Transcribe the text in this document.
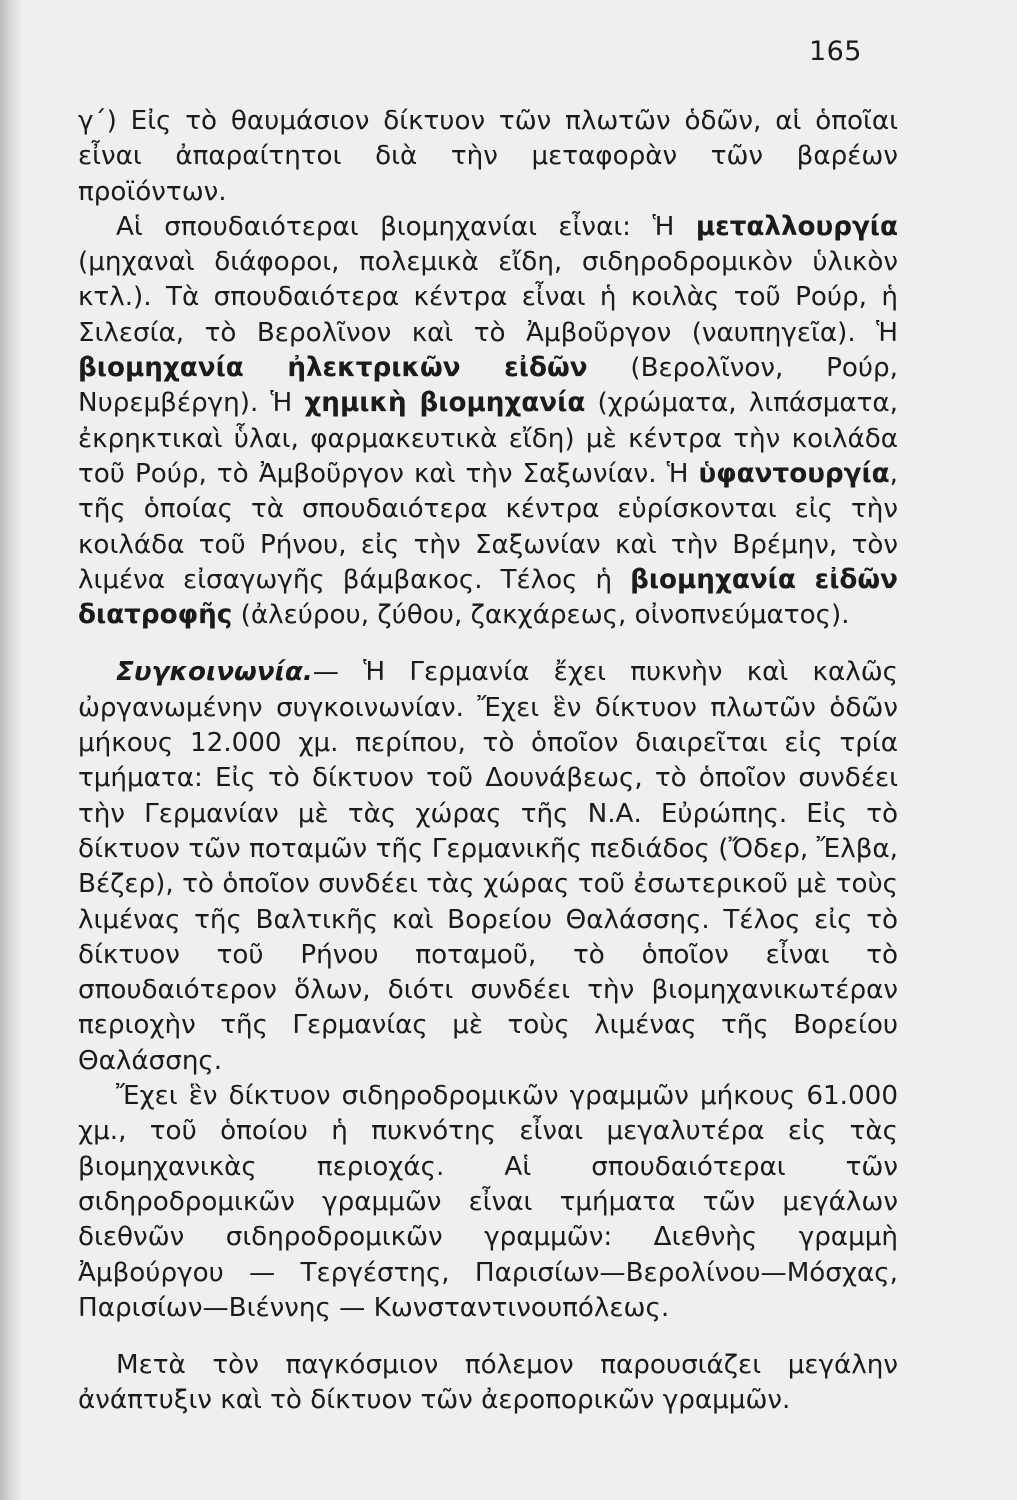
165

γ΄) Εἰς τὸ θαυμάσιον δίκτυον τῶν πλωτῶν ὁδῶν, αἱ ὁποῖαι εἶναι ἀπαραίτητοι διὰ τὴν μεταφορὰν τῶν βαρέων προϊόντων.

Αἱ σπουδαιότεραι βιομηχανίαι εἶναι: Ἡ μεταλλουργία (μηχαναὶ διάφοροι, πολεμικὰ εἴδη, σιδηροδρομικὸν ὑλικὸν κτλ.). Τὰ σπουδαιότερα κέντρα εἶναι ἡ κοιλὰς τοῦ Ρούρ, ἡ Σιλεσία, τὸ Βερολῖνον καὶ τὸ Ἀμβοῦργον (ναυπηγεῖα). Ἡ βιομηχανία ἠλεκτρικῶν εἰδῶν (Βερολῖνον, Ρούρ, Νυρεμβέργη). Ἡ χημικὴ βιομηχανία (χρώματα, λιπάσματα, ἐκρηκτικαὶ ὗλαι, φαρμακευτικὰ εἴδη) μὲ κέντρα τὴν κοιλάδα τοῦ Ρούρ, τὸ Ἀμβοῦργον καὶ τὴν Σαξωνίαν. Ἡ ὑφαντουργία, τῆς ὁποίας τὰ σπουδαιότερα κέντρα εὑρίσκονται εἰς τὴν κοιλάδα τοῦ Ρήνου, εἰς τὴν Σαξωνίαν καὶ τὴν Βρέμην, τὸν λιμένα εἰσαγωγῆς βάμβακος. Τέλος ἡ βιομηχανία εἰδῶν διατροφῆς (ἀλεύρου, ζύθου, ζακχάρεως, οἰνοπνεύματος).

Συγκοινωνία.— Ἡ Γερμανία ἔχει πυκνὴν καὶ καλῶς ὠργανωμένην συγκοινωνίαν. Ἔχει ἓν δίκτυον πλωτῶν ὁδῶν μήκους 12.000 χμ. περίπου, τὸ ὁποῖον διαιρεῖται εἰς τρία τμήματα: Εἰς τὸ δίκτυον τοῦ Δουνάβεως, τὸ ὁποῖον συνδέει τὴν Γερμανίαν μὲ τὰς χώρας τῆς Ν.Α. Εὐρώπης. Εἰς τὸ δίκτυον τῶν ποταμῶν τῆς Γερμανικῆς πεδιάδος (Ὄδερ, Ἔλβα, Βέζερ), τὸ ὁποῖον συνδέει τὰς χώρας τοῦ ἐσωτερικοῦ μὲ τοὺς λιμένας τῆς Βαλτικῆς καὶ Βορείου Θαλάσσης. Τέλος εἰς τὸ δίκτυον τοῦ Ρήνου ποταμοῦ, τὸ ὁποῖον εἶναι τὸ σπουδαιότερον ὅλων, διότι συνδέει τὴν βιομηχανικωτέραν περιοχὴν τῆς Γερμανίας μὲ τοὺς λιμένας τῆς Βορείου Θαλάσσης.

Ἔχει ἓν δίκτυον σιδηροδρομικῶν γραμμῶν μήκους 61.000 χμ., τοῦ ὁποίου ἡ πυκνότης εἶναι μεγαλυτέρα εἰς τὰς βιομηχανικὰς περιοχάς. Αἱ σπουδαιότεραι τῶν σιδηροδρομικῶν γραμμῶν εἶναι τμήματα τῶν μεγάλων διεθνῶν σιδηροδρομικῶν γραμμῶν: Διεθνὴς γραμμὴ Ἀμβούργου — Τεργέστης, Παρισίων—Βερολίνου—Μόσχας, Παρισίων—Βιέννης — Κωνσταντινουπόλεως.

Μετὰ τὸν παγκόσμιον πόλεμον παρουσιάζει μεγάλην ἀνάπτυξιν καὶ τὸ δίκτυον τῶν ἀεροπορικῶν γραμμῶν.
